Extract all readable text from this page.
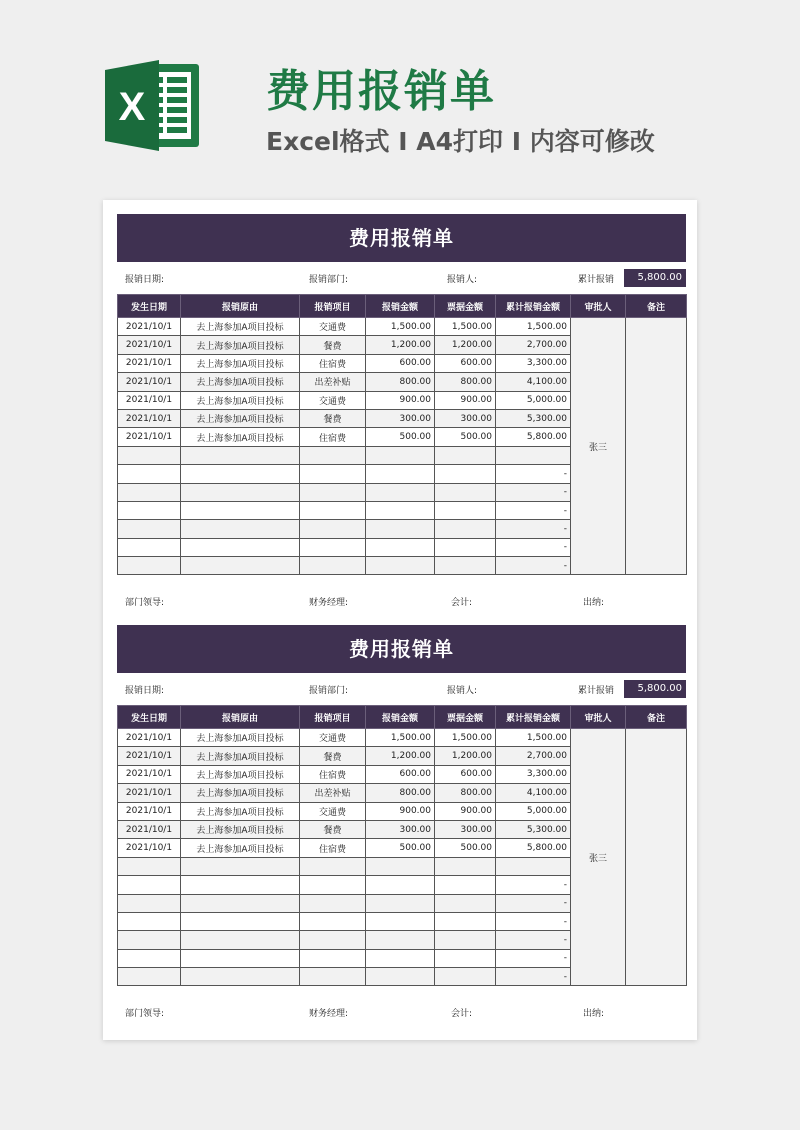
X	费用报销单
Excel格式 I A4打印 I 内容可修改
费用报销单
报销日期:	报销部门:	报销人:	累计报销	5,800.00
发生日期	报销原由	报销项目	报销金额	票据金额	累计报销金额	审批人	备注
2021/10/1	去上海参加A项目投标	交通费	1,500.00	1,500.00	1,500.00	张三	
2021/10/1	去上海参加A项目投标	餐费	1,200.00	1,200.00	2,700.00		
2021/10/1	去上海参加A项目投标	住宿费	600.00	600.00	3,300.00		
2021/10/1	去上海参加A项目投标	出差补贴	800.00	800.00	4,100.00		
2021/10/1	去上海参加A项目投标	交通费	900.00	900.00	5,000.00		
2021/10/1	去上海参加A项目投标	餐费	300.00	300.00	5,300.00		
2021/10/1	去上海参加A项目投标	住宿费	500.00	500.00	5,800.00		

					-		
					-		
					-		
					-		
					-		
					-		
部门领导:	财务经理:	会计:	出纳:
费用报销单
报销日期:	报销部门:	报销人:	累计报销	5,800.00
发生日期	报销原由	报销项目	报销金额	票据金额	累计报销金额	审批人	备注
2021/10/1	去上海参加A项目投标	交通费	1,500.00	1,500.00	1,500.00	张三	
2021/10/1	去上海参加A项目投标	餐费	1,200.00	1,200.00	2,700.00		
2021/10/1	去上海参加A项目投标	住宿费	600.00	600.00	3,300.00		
2021/10/1	去上海参加A项目投标	出差补贴	800.00	800.00	4,100.00		
2021/10/1	去上海参加A项目投标	交通费	900.00	900.00	5,000.00		
2021/10/1	去上海参加A项目投标	餐费	300.00	300.00	5,300.00		
2021/10/1	去上海参加A项目投标	住宿费	500.00	500.00	5,800.00		

					-		
					-		
					-		
					-		
					-		
					-		
部门领导:	财务经理:	会计:	出纳:
